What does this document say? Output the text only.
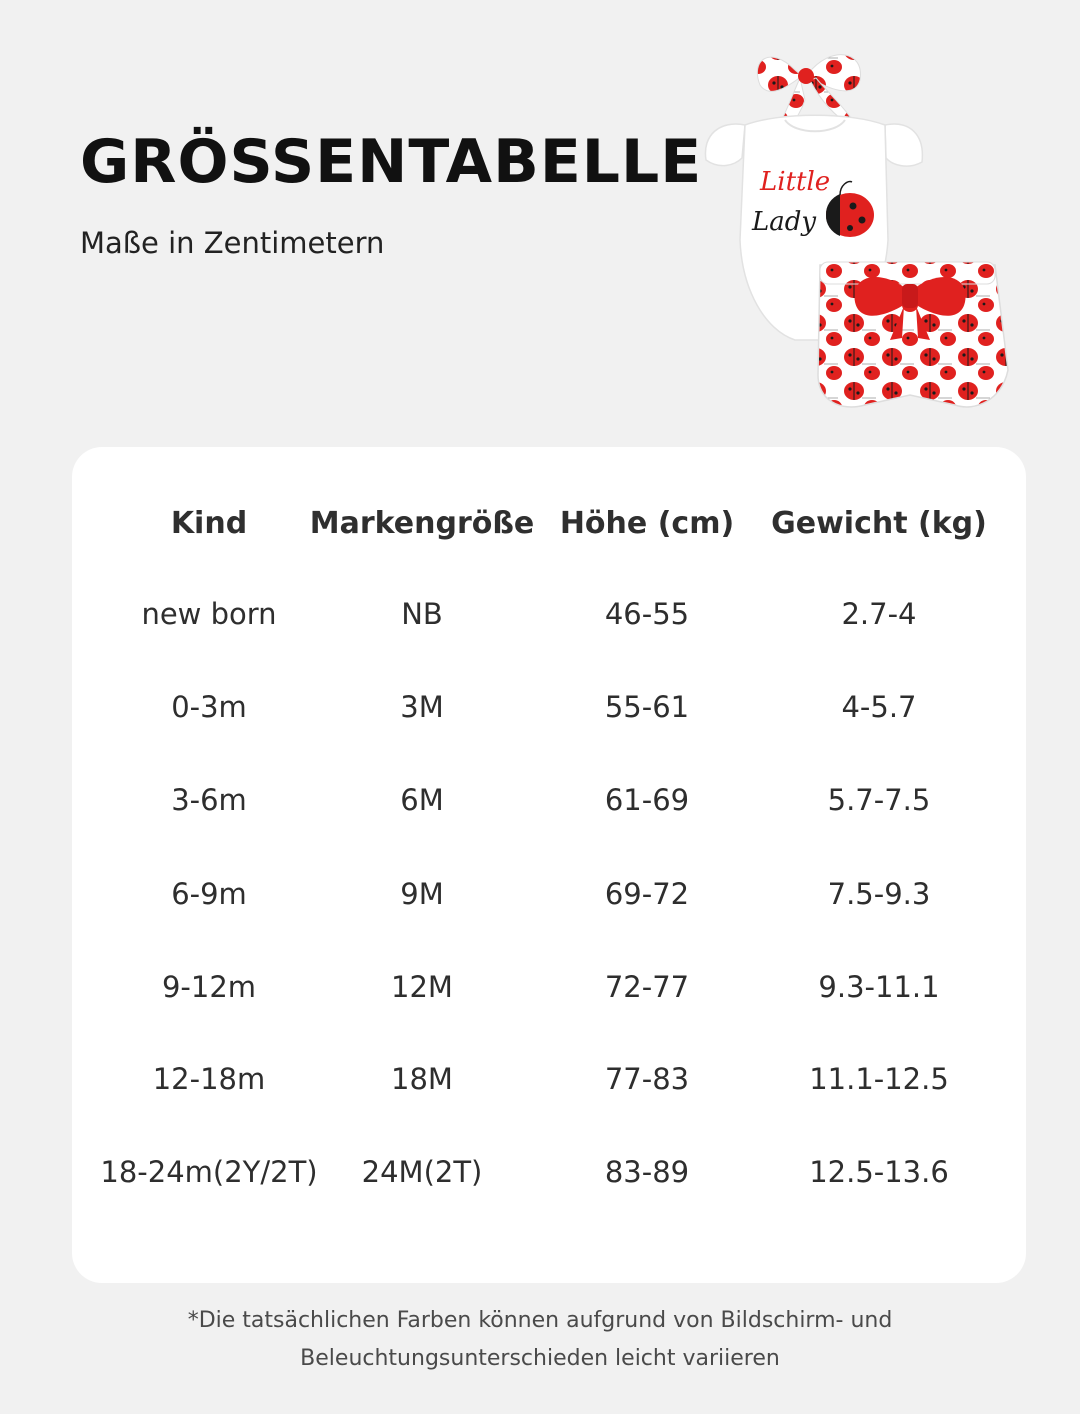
GRÖSSENTABELLE

Maße in Zentimetern

Little
Lady
Kind Markengröße Höhe (cm) Gewicht (kg)
new born	NB	46-55	2.7-4
0-3m	3M	55-61	4-5.7
3-6m	6M	61-69	5.7-7.5
6-9m	9M	69-72	7.5-9.3
9-12m	12M	72-77	9.3-11.1
12-18m	18M	77-83	11.1-12.5
18-24m(2Y/2T) 24M(2T)	83-89	12.5-13.6
*Die tatsächlichen Farben können aufgrund von Bildschirm- und
Beleuchtungsunterschieden leicht variieren
